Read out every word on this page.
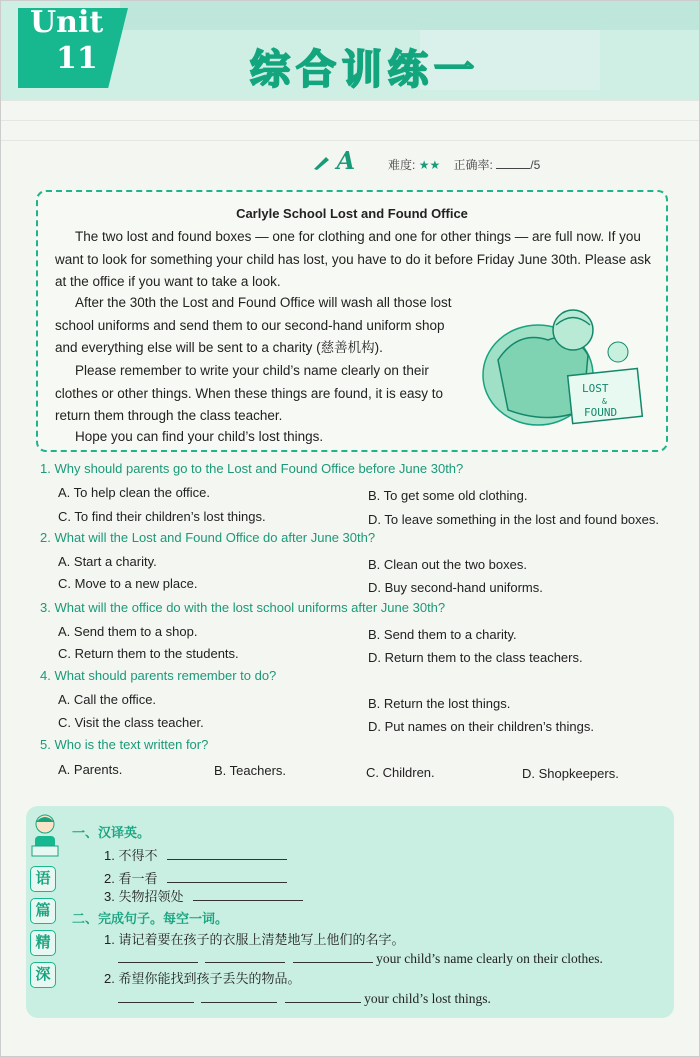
Unit
11	综合训练一
A	难度: ★★ 正确率:	/5
Carlyle School Lost and Found Office
The two lost and found boxes — one for clothing and one for other things — are full now. If you want to look for something your child has lost, you have to do it before Friday June 30th. Please ask at the office if you want to take a look.
After the 30th the Lost and Found Office will wash all those lost school uniforms and send them to our second-hand uniform shop and everything else will be sent to a charity (慈善机构).
Please remember to write your child’s name clearly on their clothes or other things. When these things are found, it is easy to return them through the class teacher.
Hope you can find your child’s lost things.
LOST
&
FOUND
1. Why should parents go to the Lost and Found Office before June 30th?
A. To help clean the office.	B. To get some old clothing.
C. To find their children’s lost things.	D. To leave something in the lost and found boxes.
2. What will the Lost and Found Office do after June 30th?
A. Start a charity.	B. Clean out the two boxes.
C. Move to a new place.	D. Buy second-hand uniforms.
3. What will the office do with the lost school uniforms after June 30th?
A. Send them to a shop.	B. Send them to a charity.
C. Return them to the students.	D. Return them to the class teachers.
4. What should parents remember to do?
A. Call the office.	B. Return the lost things.
C. Visit the class teacher.	D. Put names on their children’s things.
5. Who is the text written for?
A. Parents.	B. Teachers.	C. Children.	D. Shopkeepers.
语
篇
精
深
一、汉译英。
1. 不得不
2. 看一看
3. 失物招领处
二、完成句子。每空一词。
1. 请记着要在孩子的衣服上清楚地写上他们的名字。
your child’s name clearly on their clothes.
2. 希望你能找到孩子丢失的物品。
your child’s lost things.
